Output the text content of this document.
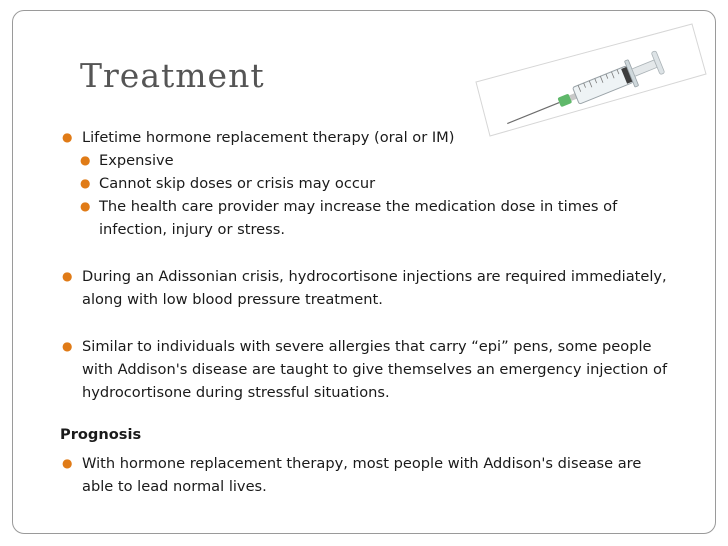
Treatment
● Lifetime hormone replacement therapy (oral or IM)
● Expensive
● Cannot skip doses or crisis may occur
● The health care provider may increase the medication dose in times of infection, injury or stress.
● During an Adissonian crisis, hydrocortisone injections are required immediately, along with low blood pressure treatment.
● Similar to individuals with severe allergies that carry “epi” pens, some people with Addison's disease are taught to give themselves an emergency injection of hydrocortisone during stressful situations.
Prognosis
● With hormone replacement therapy, most people with Addison's disease are able to lead normal lives.
